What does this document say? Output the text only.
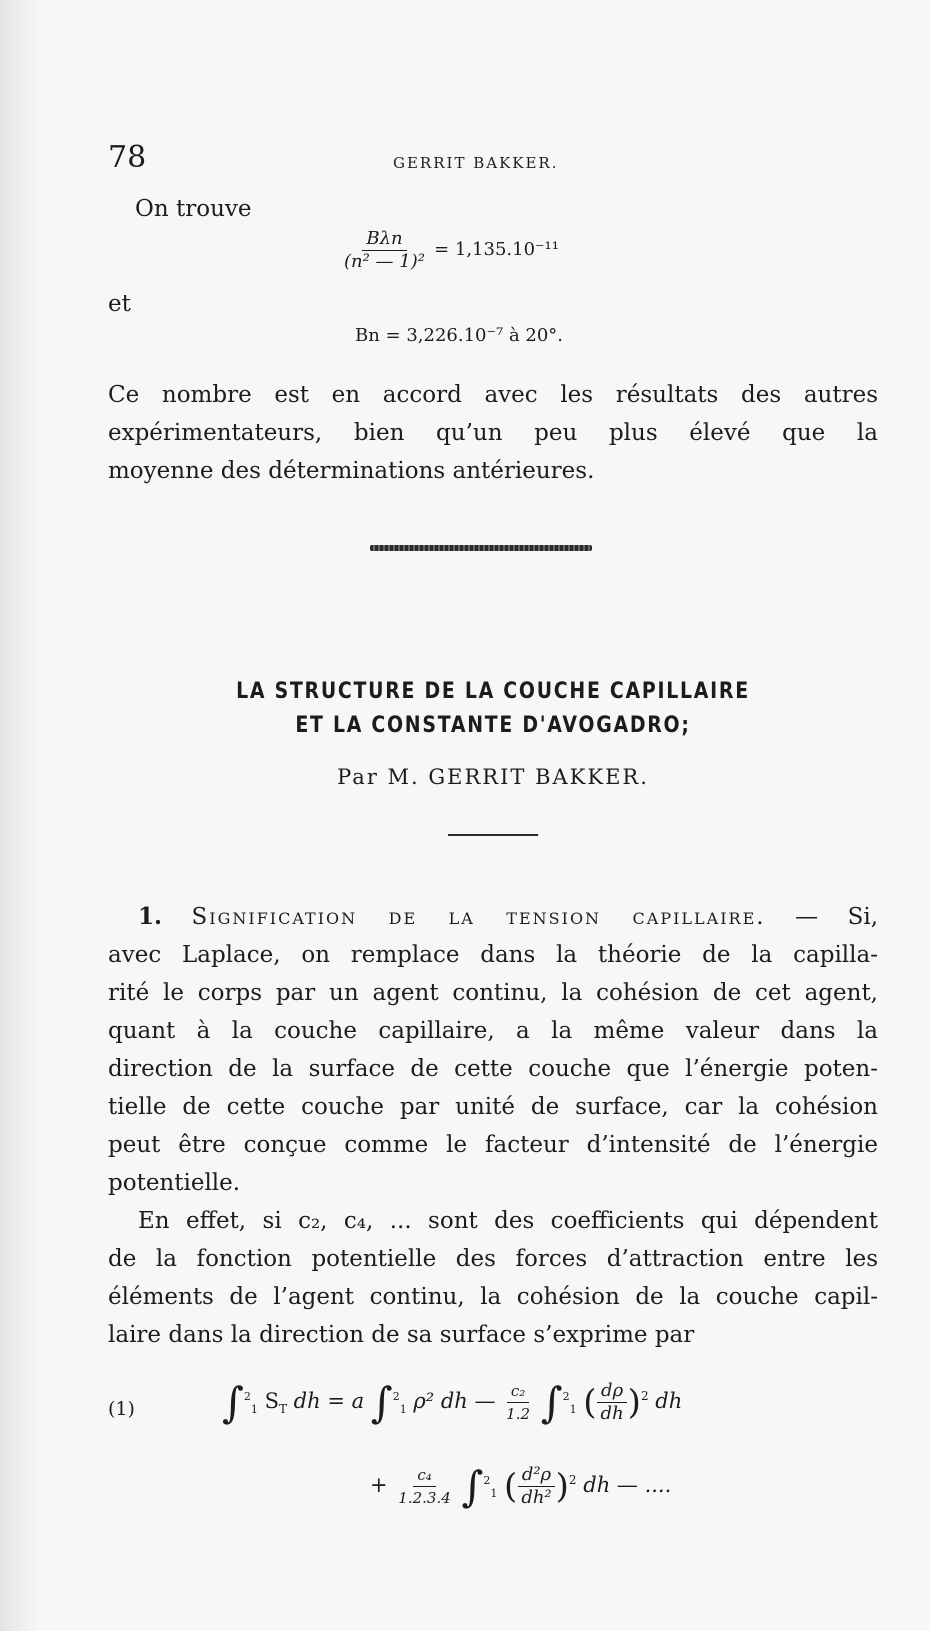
78	GERRIT BAKKER.
On trouve
$\frac{\text{Bλn}}{\text{(n² — 1)²}} = 1,135.10^{-11}$
et
Bn = 3,226.10⁻⁷ à 20°.
Ce nombre est en accord avec les résultats des autres
expérimentateurs, bien qu’un peu plus élevé que la
moyenne des déterminations antérieures.
LA STRUCTURE DE LA COUCHE CAPILLAIRE
ET LA CONSTANTE D'AVOGADRO;
Par M. GERRIT BAKKER.
1. Signification de la tension capillaire. — Si,
avec Laplace, on remplace dans la théorie de la capilla-
rité le corps par un agent continu, la cohésion de cet agent,
quant à la couche capillaire, a la même valeur dans la
direction de la surface de cette couche que l’énergie poten-
tielle de cette couche par unité de surface, car la cohésion
peut être conçue comme le facteur d’intensité de l’énergie
potentielle.
En effet, si c₂, c₄, ... sont des coefficients qui dépendent
de la fonction potentielle des forces d’attraction entre les
éléments de l’agent continu, la cohésion de la couche capil-
laire dans la direction de sa surface s’exprime par
(1) ∫$^2_1$ $S_T$ dh = a ∫$^2_1$ ρ² dh — $\frac{\text{c₂}}{1.2} \int^2_1$ ( $\frac{d\rho}{dh} )^2$ dh
+ $\frac{\text{c₄}}{1.2.3.4} \int^2_1$ ( $\frac{\text{d²ρ}}{\text{dh²}} )^2$ dh — ....
